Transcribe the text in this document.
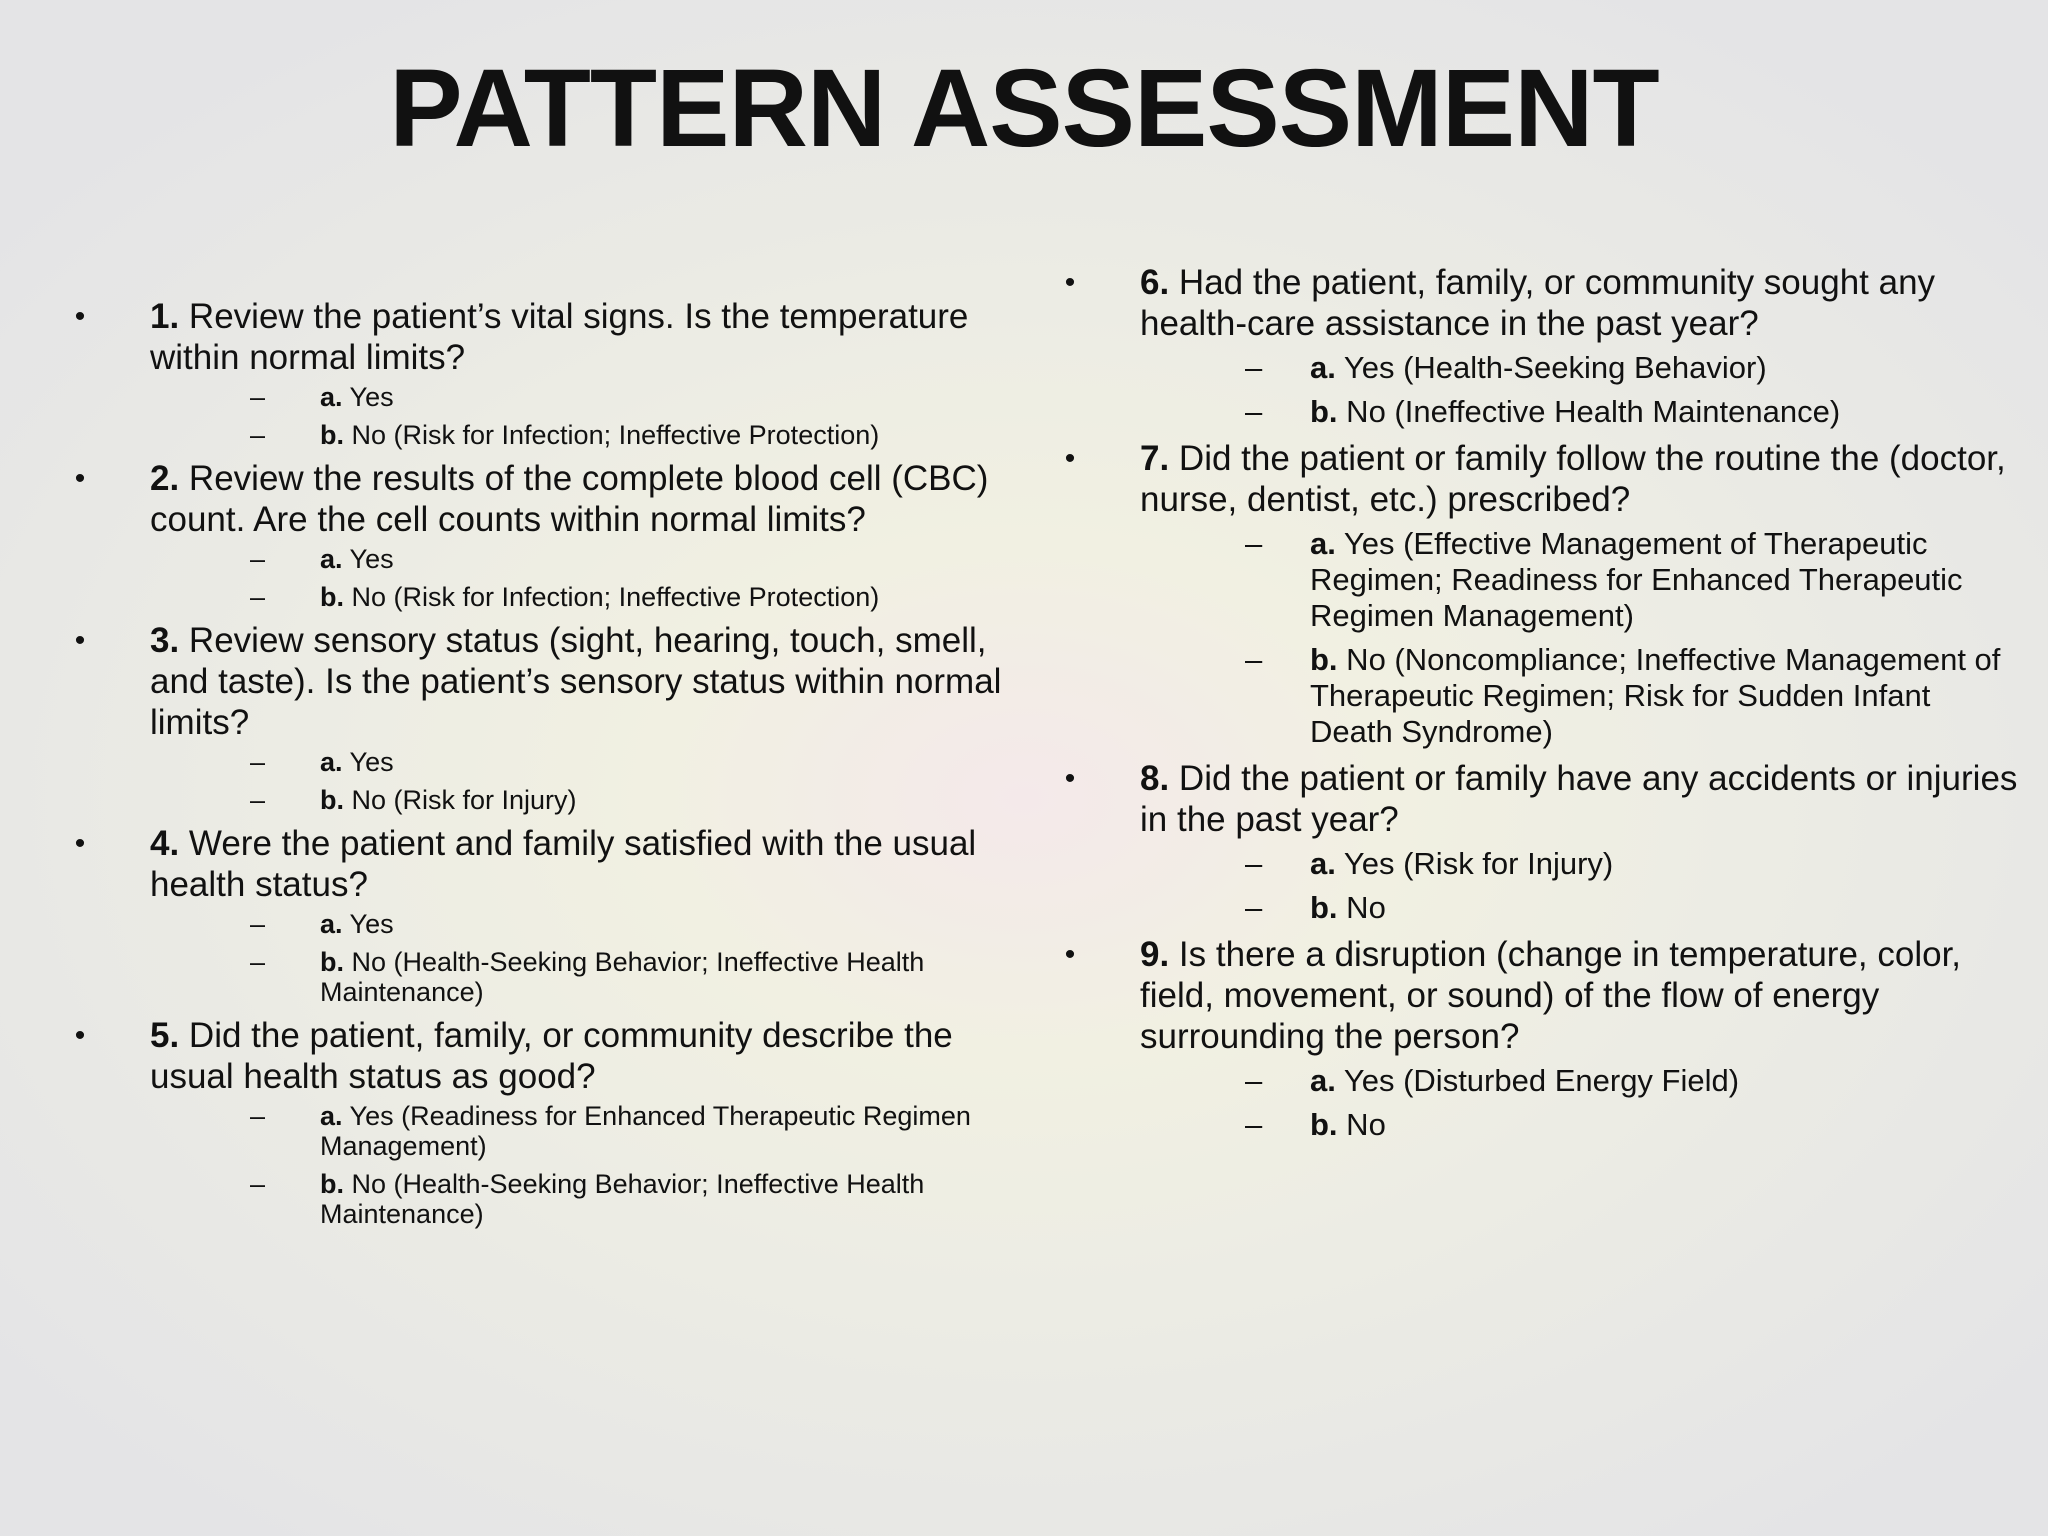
PATTERN ASSESSMENT
• 1. Review the patient’s vital signs. Is the temperature within normal limits?
– a. Yes
– b. No (Risk for Infection; Ineffective Protection)
• 2. Review the results of the complete blood cell (CBC) count. Are the cell counts within normal limits?
– a. Yes
– b. No (Risk for Infection; Ineffective Protection)
• 3. Review sensory status (sight, hearing, touch, smell, and taste). Is the patient’s sensory status within normal limits?
– a. Yes
– b. No (Risk for Injury)
• 4. Were the patient and family satisfied with the usual health status?
– a. Yes
– b. No (Health-Seeking Behavior; Ineffective Health Maintenance)
• 5. Did the patient, family, or community describe the usual health status as good?
– a. Yes (Readiness for Enhanced Therapeutic Regimen Management)
– b. No (Health-Seeking Behavior; Ineffective Health Maintenance)
• 6. Had the patient, family, or community sought any health-care assistance in the past year?
– a. Yes (Health-Seeking Behavior)
– b. No (Ineffective Health Maintenance)
• 7. Did the patient or family follow the routine the (doctor, nurse, dentist, etc.) prescribed?
– a. Yes (Effective Management of Therapeutic Regimen; Readiness for Enhanced Therapeutic Regimen Management)
– b. No (Noncompliance; Ineffective Management of Therapeutic Regimen; Risk for Sudden Infant Death Syndrome)
• 8. Did the patient or family have any accidents or injuries in the past year?
– a. Yes (Risk for Injury)
– b. No
• 9. Is there a disruption (change in temperature, color, field, movement, or sound) of the flow of energy surrounding the person?
– a. Yes (Disturbed Energy Field)
– b. No
